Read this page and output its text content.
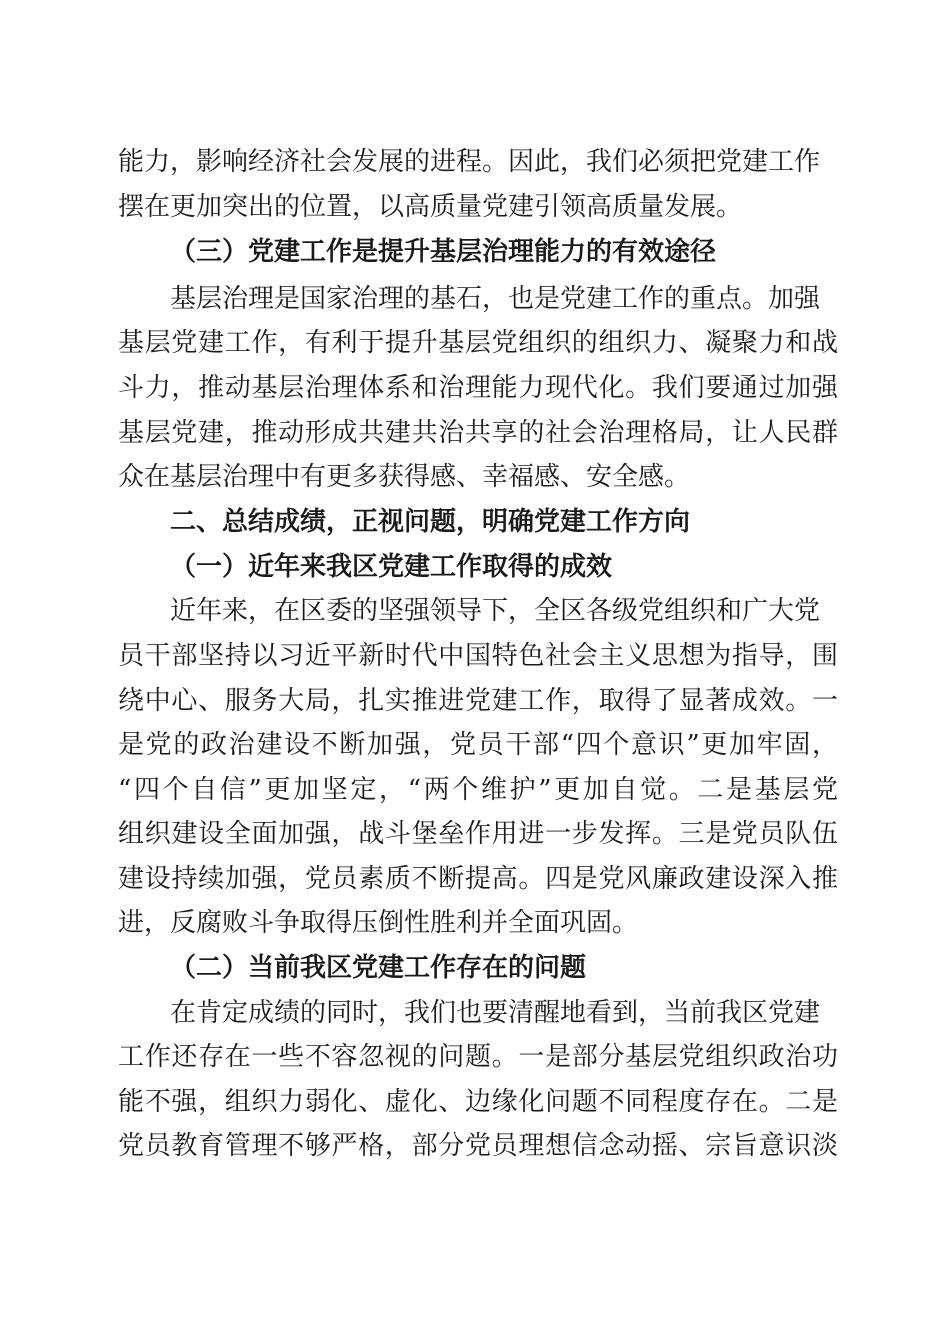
能力，影响经济社会发展的进程。因此，我们必须把党建工作
摆在更加突出的位置，以高质量党建引领高质量发展。
（三）党建工作是提升基层治理能力的有效途径
基层治理是国家治理的基石，也是党建工作的重点。加强
基层党建工作，有利于提升基层党组织的组织力、凝聚力和战
斗力，推动基层治理体系和治理能力现代化。我们要通过加强
基层党建，推动形成共建共治共享的社会治理格局，让人民群
众在基层治理中有更多获得感、幸福感、安全感。
二、总结成绩，正视问题，明确党建工作方向
（一）近年来我区党建工作取得的成效
近年来，在区委的坚强领导下，全区各级党组织和广大党
员干部坚持以习近平新时代中国特色社会主义思想为指导，围
绕中心、服务大局，扎实推进党建工作，取得了显著成效。一
是党的政治建设不断加强，党员干部“四个意识”更加牢固，
“四个自信”更加坚定，“两个维护”更加自觉。二是基层党
组织建设全面加强，战斗堡垒作用进一步发挥。三是党员队伍
建设持续加强，党员素质不断提高。四是党风廉政建设深入推
进，反腐败斗争取得压倒性胜利并全面巩固。
（二）当前我区党建工作存在的问题
在肯定成绩的同时，我们也要清醒地看到，当前我区党建
工作还存在一些不容忽视的问题。一是部分基层党组织政治功
能不强，组织力弱化、虚化、边缘化问题不同程度存在。二是
党员教育管理不够严格，部分党员理想信念动摇、宗旨意识淡
